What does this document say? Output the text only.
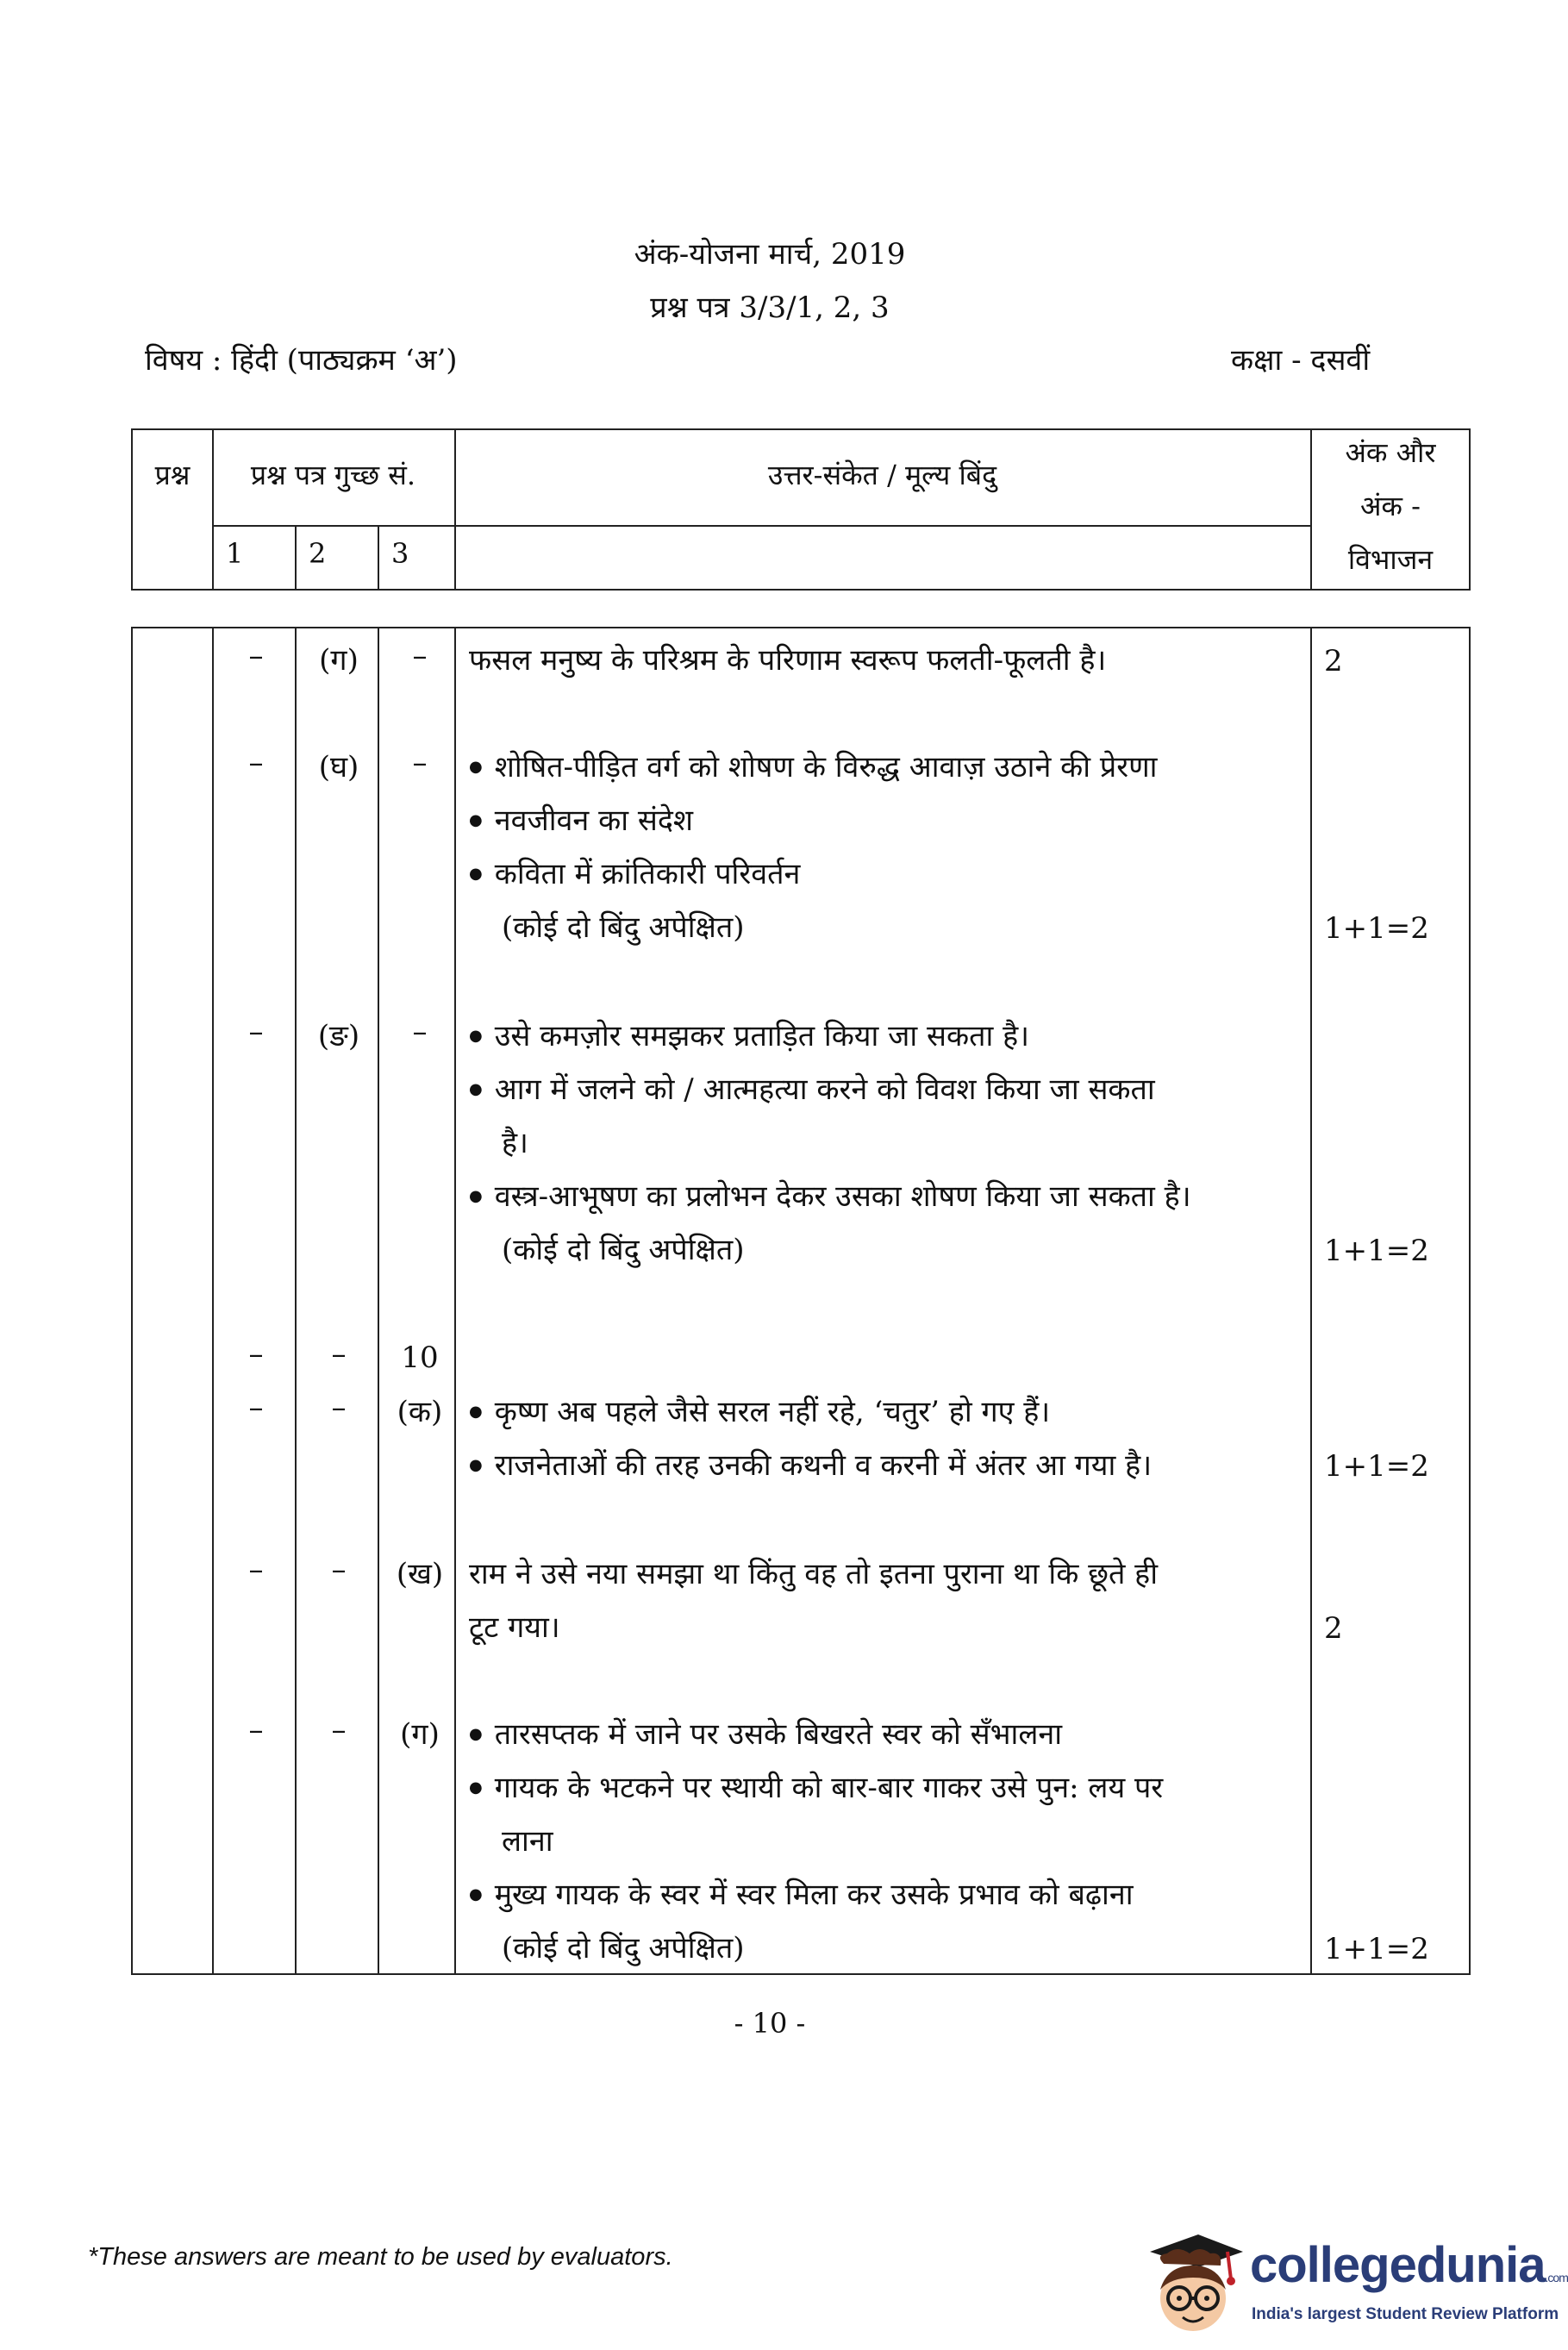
अंक-योजना मार्च, 2019
प्रश्न पत्र 3/3/1, 2, 3
विषय : हिंदी (पाठ्यक्रम ‘अ’)	कक्षा - दसवीं
प्रश्न	प्रश्न पत्र गुच्छ सं.	उत्तर-संकेत / मूल्य बिंदु
अंक और
अंक -
विभाजन
1 2 3
–	(ग)	–	फसल मनुष्य के परिश्रम के परिणाम स्वरूप फलती-फूलती है।	2
–	(घ)	–	● शोषित-पीड़ित वर्ग को शोषण के विरुद्ध आवाज़ उठाने की प्रेरणा
● नवजीवन का संदेश
● कविता में क्रांतिकारी परिवर्तन
(कोई दो बिंदु अपेक्षित)	1+1=2
–	(ङ)	–	● उसे कमज़ोर समझकर प्रताड़ित किया जा सकता है।
● आग में जलने को / आत्महत्या करने को विवश किया जा सकता
है।
● वस्त्र-आभूषण का प्रलोभन देकर उसका शोषण किया जा सकता है।
(कोई दो बिंदु अपेक्षित)	1+1=2
–	–	10
–	–	(क)	● कृष्ण अब पहले जैसे सरल नहीं रहे, ‘चतुर’ हो गए हैं।
● राजनेताओं की तरह उनकी कथनी व करनी में अंतर आ गया है।	1+1=2
–	–	(ख) राम ने उसे नया समझा था किंतु वह तो इतना पुराना था कि छूते ही
टूट गया।	2
–	–	(ग)	● तारसप्तक में जाने पर उसके बिखरते स्वर को सँभालना
● गायक के भटकने पर स्थायी को बार-बार गाकर उसे पुन: लय पर
लाना
● मुख्य गायक के स्वर में स्वर मिला कर उसके प्रभाव को बढ़ाना
(कोई दो बिंदु अपेक्षित)	1+1=2
- 10 -
*These answers are meant to be used by evaluators.	collegedunia.com
India's largest Student Review Platform
